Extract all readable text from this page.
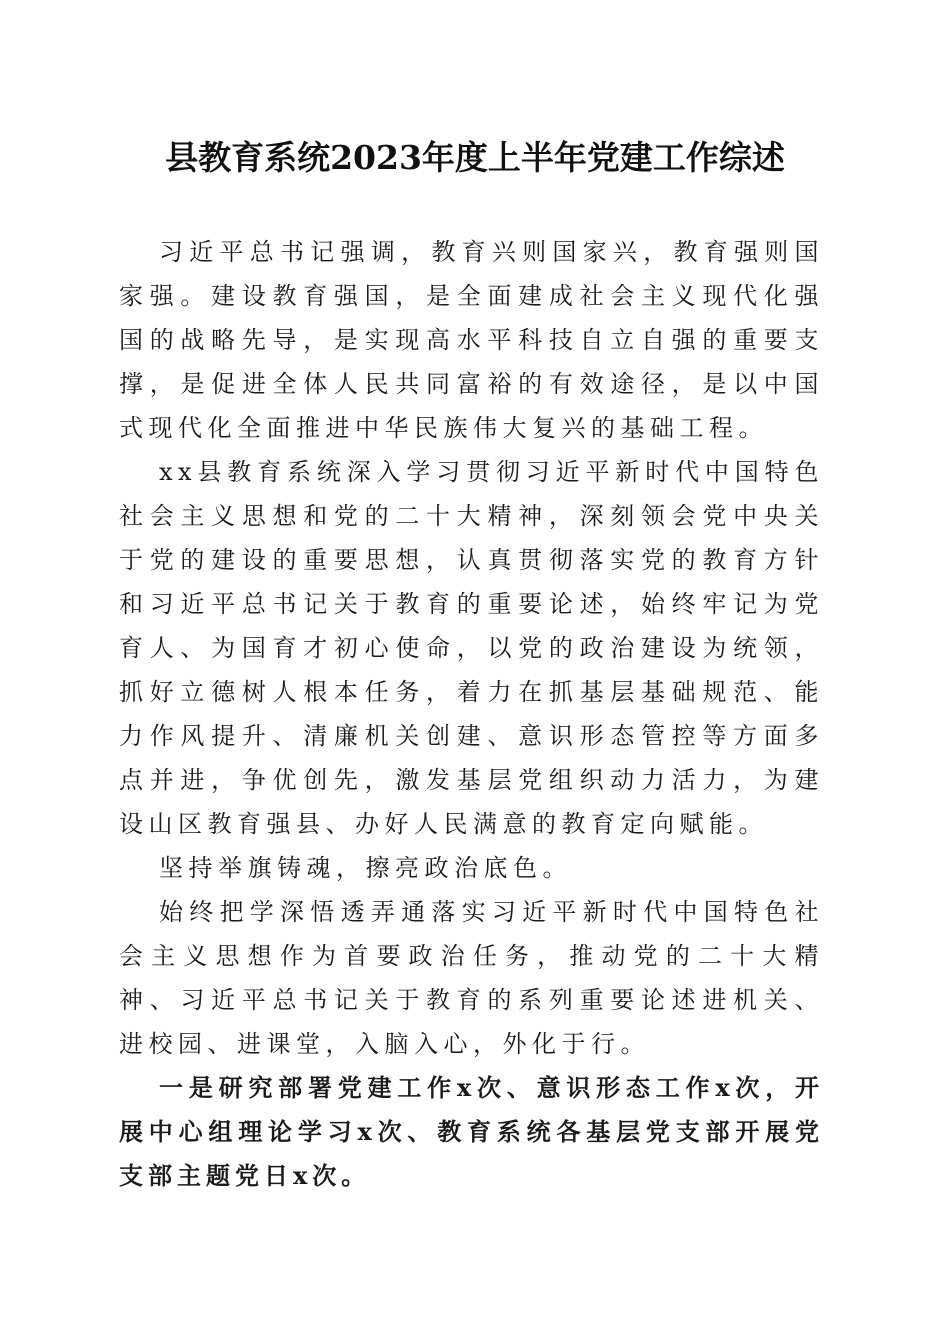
县教育系统2023年度上半年党建工作综述

习近平总书记强调，教育兴则国家兴，教育强则国家强。建设教育强国，是全面建成社会主义现代化强国的战略先导，是实现高水平科技自立自强的重要支撑，是促进全体人民共同富裕的有效途径，是以中国式现代化全面推进中华民族伟大复兴的基础工程。

xx县教育系统深入学习贯彻习近平新时代中国特色社会主义思想和党的二十大精神，深刻领会党中央关于党的建设的重要思想，认真贯彻落实党的教育方针和习近平总书记关于教育的重要论述，始终牢记为党育人、为国育才初心使命，以党的政治建设为统领，抓好立德树人根本任务，着力在抓基层基础规范、能力作风提升、清廉机关创建、意识形态管控等方面多点并进，争优创先，激发基层党组织动力活力，为建设山区教育强县、办好人民满意的教育定向赋能。

坚持举旗铸魂，擦亮政治底色。

始终把学深悟透弄通落实习近平新时代中国特色社会主义思想作为首要政治任务，推动党的二十大精神、习近平总书记关于教育的系列重要论述进机关、进校园、进课堂，入脑入心，外化于行。

一是研究部署党建工作x次、意识形态工作x次，开展中心组理论学习x次、教育系统各基层党支部开展党支部主题党日x次。
